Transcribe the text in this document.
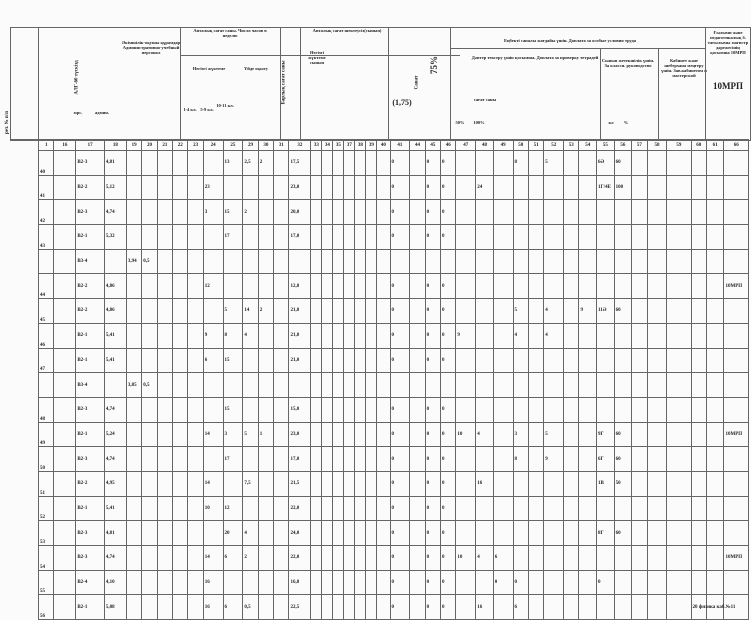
АЛГ-60 түскізд
рет. № п/п
Әкімшілік-оқушы құрамдар Административно-учебный персонал
мрс.	админ.
Апталық сағат саны. Число часов в неделю
Негізгі жүктеме	Үйде оқыту
1-4 кл. 5-9 кл.
10-11 кл.
Барлық сағат саны
Апталық сағат шектеусіз(сынып)
Негізгі жүктеме сынып
(1,75)
Санат
75%
Еңбекті сапалы жағдайы үшін. Доплата за особые условия труда
Дәптер тексеру үшін қосымша. Доплата за проверку тетрадей
Сынып жетекшілік үшін. За классн. руководство
Кабинет және шеберхана меңгеру үшін. Зав.кабинетом и мастерской
Ғылыми және педагогикалық б. тағылымы магистр дәрежесінің қосымша 10МРП
10МРП
50%	100%
сағат саны
кл	%
1	16	17	18	19	20	21	22	23	24	25	29	30	31	32	33	34	35	37	38	39	40	41	44	45	46	47	48	49	50	51	52	53	54	55	56	57	58	59	60	61	66
40		В2-3	4,81							13	2,5	2		17,5								0		0	0				8		5			6Ә	60						
41		В2-2	5,12						23					23,0								0		0	0		24							1Г/4Е	100						
42		В2-3	4,74						3	15	2			20,0								0		0	0																
43		В2-1	5,32							17				17,0								0		0	0																
		В3-4		3,94	0,5																																				
44		В2-2	4,86						12					12,0								0		0	0																10МРП
45		В2-2	4,86							5	14	2		21,0								0		0	0				5		4		9	11Ә	60						
46		В2-1	5,41						9	8	4			21,0								0		0	0	9			4		4										
47		В2-1	5,41						6	15				21,0								0		0	0																
		В3-4		3,85	0,5																																				
48		В2-3	4,74							15				15,0								0		0	0																
49		В2-1	5,24						14	3	5	1		23,0								0		0	0	10	4		3		5			9Г	60						10МРП
50		В2-3	4,74							17				17,0								0		0	0				8		9			6Г	60						
51		В2-2	4,95						14		7,5			21,5								0		0	0		16							1В	50						
52		В2-1	5,41						10	12				22,0								0		0	0																
53		В2-3	4,81							20	4			24,0								0		0	0									8Г	60						
54		В2-3	4,74						14	6	2			22,0								0		0	0	10	4	6													10МРП
55		В2-4	4,10						16					16,0								0		0	0			0	0					0							
56		В2-1	5,08						16	6	0,5			22,5								0		0	0		16		6										20 физика каб.№11		
